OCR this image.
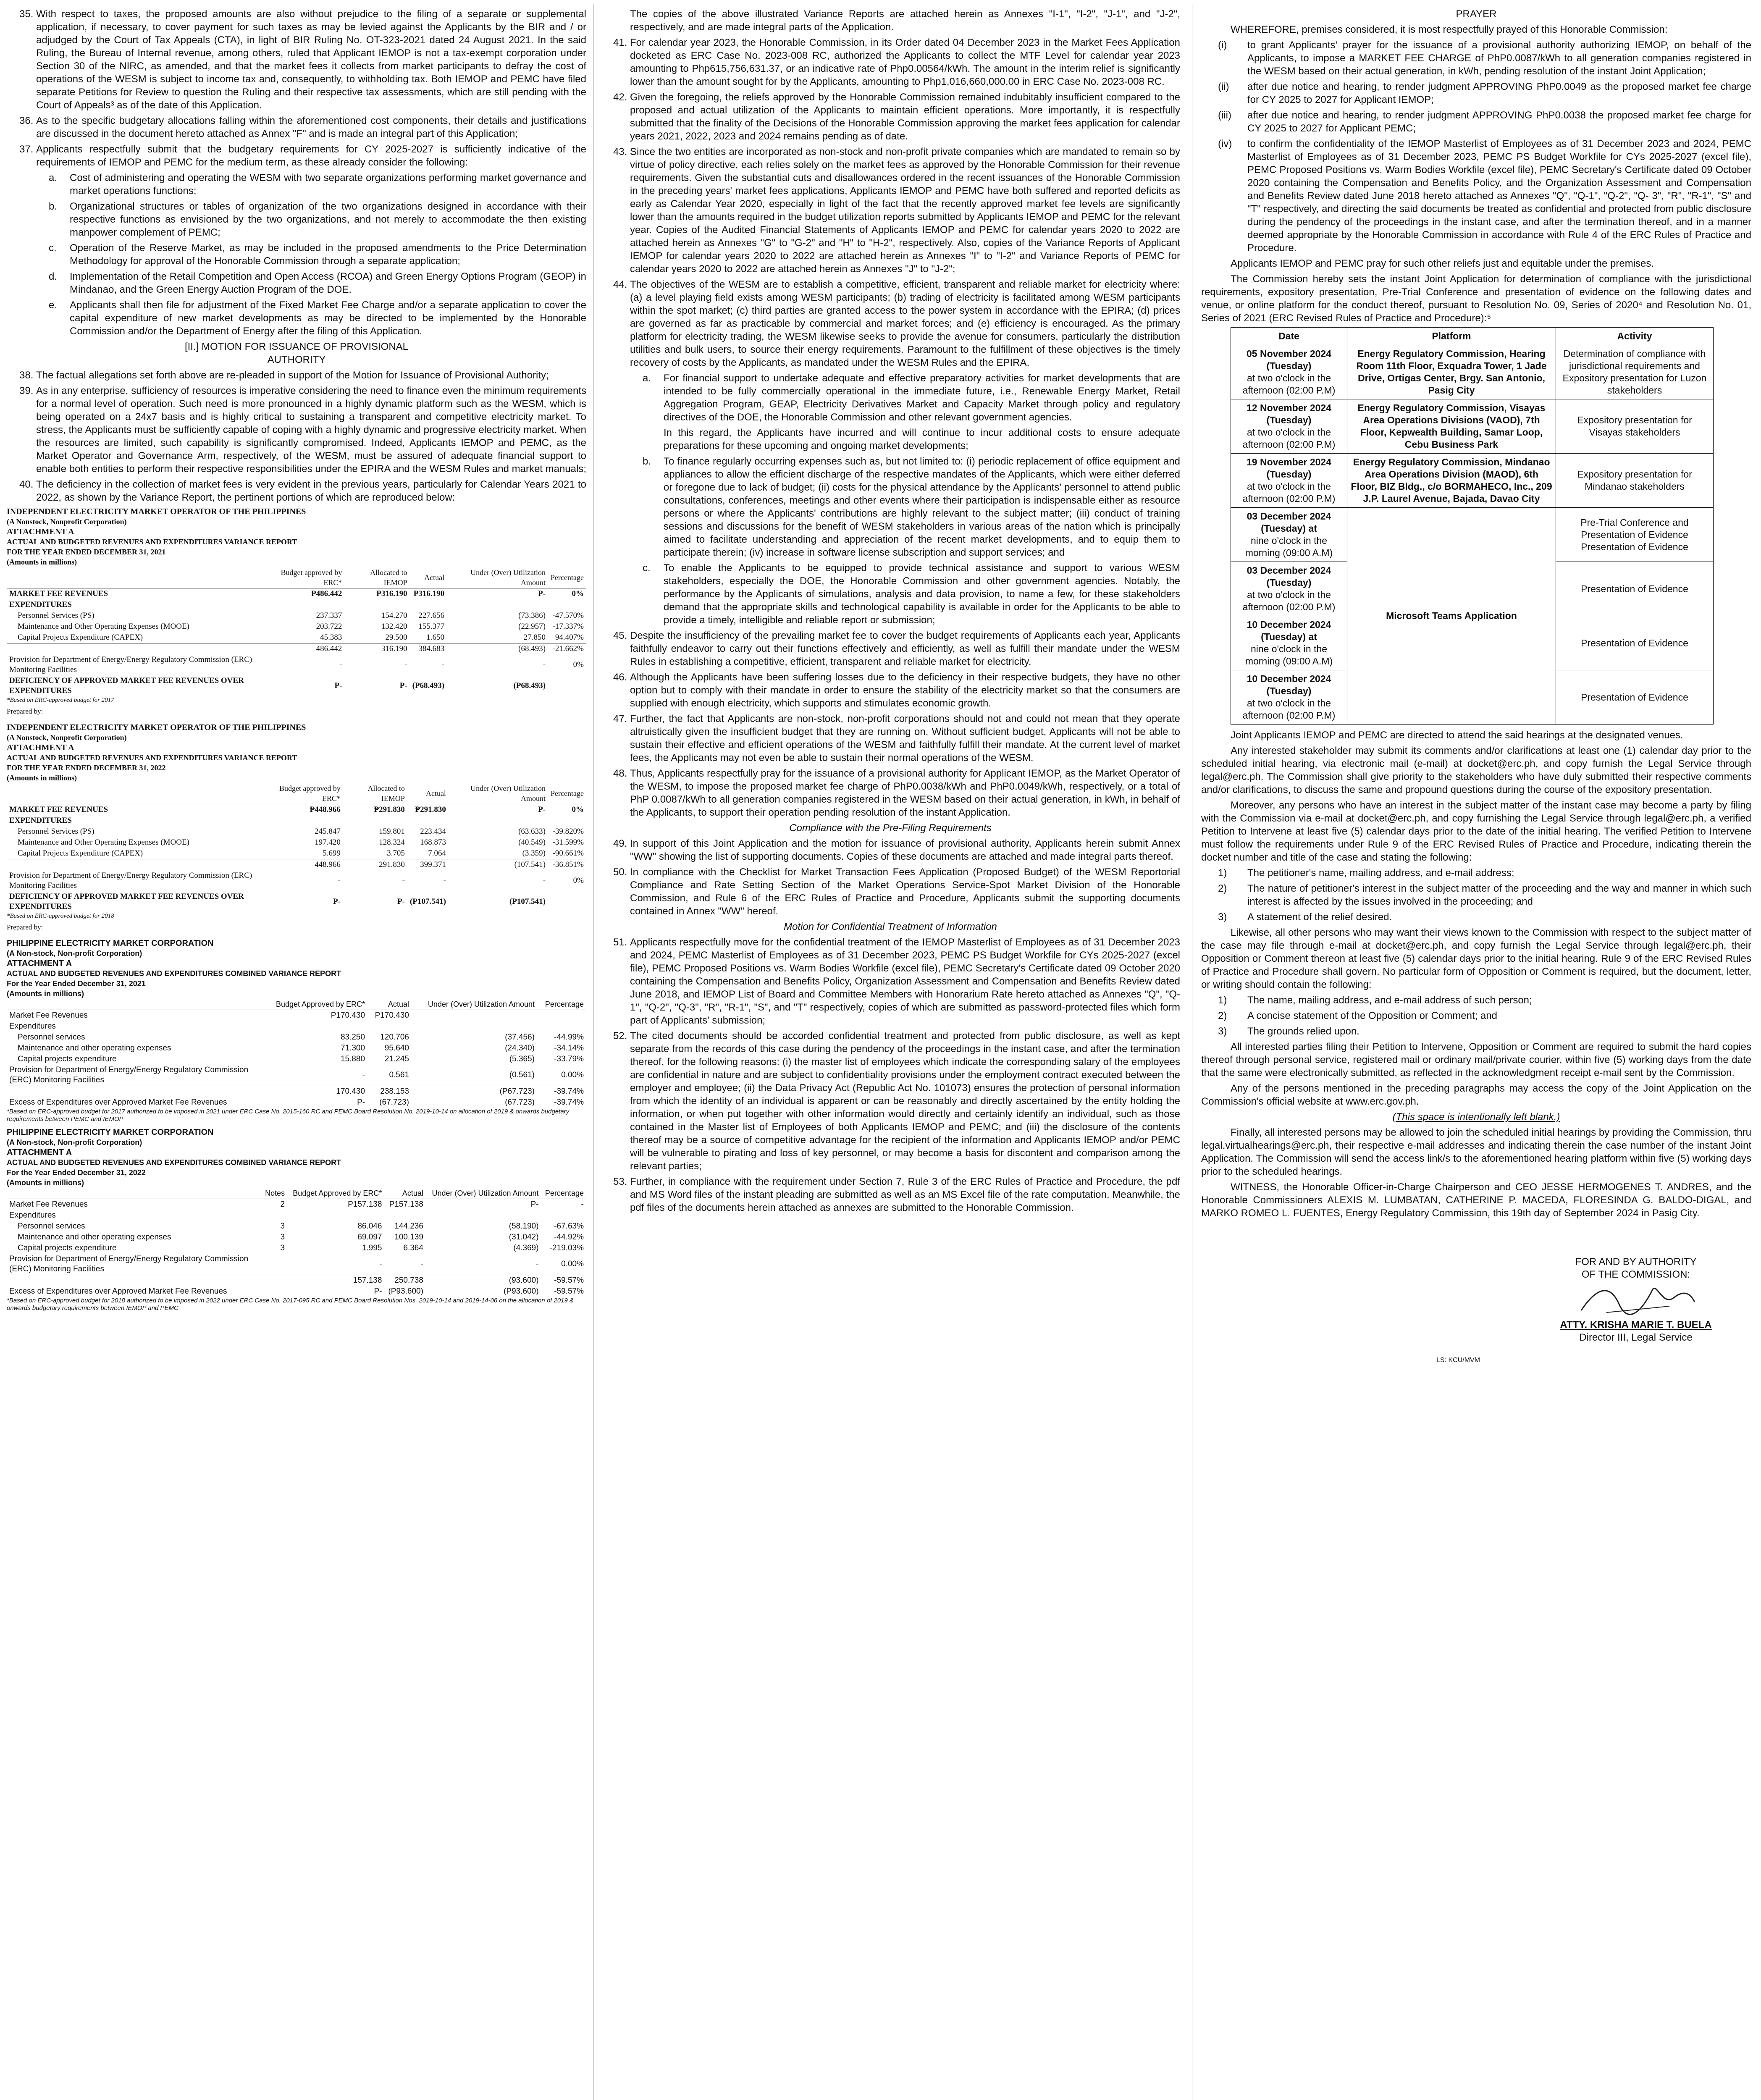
35. With respect to taxes, the proposed amounts are also without prejudice to the filing of a separate or supplemental application, if necessary, to cover payment for such taxes as may be levied against the Applicants by the BIR and / or adjudged by the Court of Tax Appeals (CTA), in light of BIR Ruling No. OT-323-2021 dated 24 August 2021. In the said Ruling, the Bureau of Internal revenue, among others, ruled that Applicant IEMOP is not a tax-exempt corporation under Section 30 of the NIRC, as amended, and that the market fees it collects from market participants to defray the cost of operations of the WESM is subject to income tax and, consequently, to withholding tax. Both IEMOP and PEMC have filed separate Petitions for Review to question the Ruling and their respective tax assessments, which are still pending with the Court of Appeals³ as of the date of this Application.
36. As to the specific budgetary allocations falling within the aforementioned cost components, their details and justifications are discussed in the document hereto attached as Annex "F" and is made an integral part of this Application;
37. Applicants respectfully submit that the budgetary requirements for CY 2025-2027 is sufficiently indicative of the requirements of IEMOP and PEMC for the medium term, as these already consider the following:
a.	Cost of administering and operating the WESM with two separate organizations performing market governance and market operations functions;
b.	Organizational structures or tables of organization of the two organizations designed in accordance with their respective functions as envisioned by the two organizations, and not merely to accommodate the then existing manpower complement of PEMC;
c.	Operation of the Reserve Market, as may be included in the proposed amendments to the Price Determination Methodology for approval of the Honorable Commission through a separate application;
d.	Implementation of the Retail Competition and Open Access (RCOA) and Green Energy Options Program (GEOP) in Mindanao, and the Green Energy Auction Program of the DOE.
e.	Applicants shall then file for adjustment of the Fixed Market Fee Charge and/or a separate application to cover the capital expenditure of new market developments as may be directed to be implemented by the Honorable Commission and/or the Department of Energy after the filing of this Application.
[II.] MOTION FOR ISSUANCE OF PROVISIONAL AUTHORITY
38. The factual allegations set forth above are re-pleaded in support of the Motion for Issuance of Provisional Authority;
39. As in any enterprise, sufficiency of resources is imperative considering the need to finance even the minimum requirements for a normal level of operation. Such need is more pronounced in a highly dynamic platform such as the WESM, which is being operated on a 24x7 basis and is highly critical to sustaining a transparent and competitive electricity market. To stress, the Applicants must be sufficiently capable of coping with a highly dynamic and progressive electricity market. When the resources are limited, such capability is significantly compromised. Indeed, Applicants IEMOP and PEMC, as the Market Operator and Governance Arm, respectively, of the WESM, must be assured of adequate financial support to enable both entities to perform their respective responsibilities under the EPIRA and the WESM Rules and market manuals;
40. The deficiency in the collection of market fees is very evident in the previous years, particularly for Calendar Years 2021 to 2022, as shown by the Variance Report, the pertinent portions of which are reproduced below:
INDEPENDENT ELECTRICITY MARKET OPERATOR OF THE PHILIPPINES
(A Nonstock, Nonprofit Corporation)
ATTACHMENT A
ACTUAL AND BUDGETED REVENUES AND EXPENDITURES VARIANCE REPORT
FOR THE YEAR ENDED DECEMBER 31, 2021
(Amounts in millions)
	Budget approved by ERC*	Allocated to IEMOP	Actual	Under (Over) Utilization Amount	Percentage
MARKET FEE REVENUES	₱486.442	₱316.190	₱316.190	P-	0%
EXPENDITURES					
Personnel Services (PS)	237.337	154.270	227.656	(73.386)	-47.570%
Maintenance and Other Operating Expenses (MOOE)	203.722	132.420	155.377	(22.957)	-17.337%
Capital Projects Expenditure (CAPEX)	45.383	29.500	1.650	27.850	94.407%
	486.442	316.190	384.683	(68.493)	-21.662%
Provision for Department of Energy/Energy Regulatory Commission (ERC) Monitoring Facilities	-	-	-	-	0%
DEFICIENCY OF APPROVED MARKET FEE REVENUES OVER EXPENDITURES	P-	P-	(P68.493)	(P68.493)	
*Based on ERC-approved budget for 2017
Prepared by:
INDEPENDENT ELECTRICITY MARKET OPERATOR OF THE PHILIPPINES
(A Nonstock, Nonprofit Corporation)
ATTACHMENT A
ACTUAL AND BUDGETED REVENUES AND EXPENDITURES VARIANCE REPORT
FOR THE YEAR ENDED DECEMBER 31, 2022
(Amounts in millions)
	Budget approved by ERC*	Allocated to IEMOP	Actual	Under (Over) Utilization Amount	Percentage
MARKET FEE REVENUES	₱448.966	₱291.830	₱291.830	P-	0%
EXPENDITURES					
Personnel Services (PS)	245.847	159.801	223.434	(63.633)	-39.820%
Maintenance and Other Operating Expenses (MOOE)	197.420	128.324	168.873	(40.549)	-31.599%
Capital Projects Expenditure (CAPEX)	5.699	3.705	7.064	(3.359)	-90.661%
	448.966	291.830	399.371	(107.541)	-36.851%
Provision for Department of Energy/Energy Regulatory Commission (ERC) Monitoring Facilities	-	-	-	-	0%
DEFICIENCY OF APPROVED MARKET FEE REVENUES OVER EXPENDITURES	P-	P-	(P107.541)	(P107.541)	
*Based on ERC-approved budget for 2018
Prepared by:
PHILIPPINE ELECTRICITY MARKET CORPORATION
(A Non-stock, Non-profit Corporation)
ATTACHMENT A
ACTUAL AND BUDGETED REVENUES AND EXPENDITURES COMBINED VARIANCE REPORT
For the Year Ended December 31, 2021
(Amounts in millions)
	Budget Approved by ERC*	Actual	Under (Over) Utilization Amount	Percentage
Market Fee Revenues	P170.430	P170.430		
Expenditures				
Personnel services	83.250	120.706	(37.456)	-44.99%
Maintenance and other operating expenses	71.300	95.640	(24.340)	-34.14%
Capital projects expenditure	15.880	21.245	(5.365)	-33.79%
Provision for Department of Energy/Energy Regulatory Commission (ERC) Monitoring Facilities	-	0.561	(0.561)	0.00%
	170.430	238.153	(P67.723)	-39.74%
Excess of Expenditures over Approved Market Fee Revenues	P-	(67.723)	(67.723)	-39.74%
*Based on ERC-approved budget for 2017 authorized to be imposed in 2021 under ERC Case No. 2015-160 RC and PEMC Board Resolution No. 2019-10-14 on allocation of 2019 & onwards budgetary requirements between PEMC and IEMOP
PHILIPPINE ELECTRICITY MARKET CORPORATION
(A Non-stock, Non-profit Corporation)
ATTACHMENT A
ACTUAL AND BUDGETED REVENUES AND EXPENDITURES COMBINED VARIANCE REPORT
For the Year Ended December 31, 2022
(Amounts in millions)
	Notes	Budget Approved by ERC*	Actual	Under (Over) Utilization Amount	Percentage
Market Fee Revenues	2	P157.138	P157.138	P-	-
Expenditures					
Personnel services	3	86.046	144.236	(58.190)	-67.63%
Maintenance and other operating expenses	3	69.097	100.139	(31.042)	-44.92%
Capital projects expenditure	3	1.995	6.364	(4.369)	-219.03%
Provision for Department of Energy/Energy Regulatory Commission (ERC) Monitoring Facilities		-	-	-	0.00%
		157.138	250.738	(93.600)	-59.57%
Excess of Expenditures over Approved Market Fee Revenues		P-	(P93.600)	(P93.600)	-59.57%
*Based on ERC-approved budget for 2018 authorized to be imposed in 2022 under ERC Case No. 2017-095 RC and PEMC Board Resolution Nos. 2019-10-14 and 2019-14-06 on the allocation of 2019 & onwards budgetary requirements between IEMOP and PEMC
The copies of the above illustrated Variance Reports are attached herein as Annexes "I-1", "I-2", "J-1", and "J-2", respectively, and are made integral parts of the Application.
41. For calendar year 2023, the Honorable Commission, in its Order dated 04 December 2023 in the Market Fees Application docketed as ERC Case No. 2023-008 RC, authorized the Applicants to collect the MTF Level for calendar year 2023 amounting to Php615,756,631.37, or an indicative rate of Php0.00564/kWh. The amount in the interim relief is significantly lower than the amount sought for by the Applicants, amounting to Php1,016,660,000.00 in ERC Case No. 2023-008 RC.
42. Given the foregoing, the reliefs approved by the Honorable Commission remained indubitably insufficient compared to the proposed and actual utilization of the Applicants to maintain efficient operations. More importantly, it is respectfully submitted that the finality of the Decisions of the Honorable Commission approving the market fees application for calendar years 2021, 2022, 2023 and 2024 remains pending as of date.
43. Since the two entities are incorporated as non-stock and non-profit private companies which are mandated to remain so by virtue of policy directive, each relies solely on the market fees as approved by the Honorable Commission for their revenue requirements. Given the substantial cuts and disallowances ordered in the recent issuances of the Honorable Commission in the preceding years' market fees applications, Applicants IEMOP and PEMC have both suffered and reported deficits as early as Calendar Year 2020, especially in light of the fact that the recently approved market fee levels are significantly lower than the amounts required in the budget utilization reports submitted by Applicants IEMOP and PEMC for the relevant year. Copies of the Audited Financial Statements of Applicants IEMOP and PEMC for calendar years 2020 to 2022 are attached herein as Annexes "G" to "G-2" and "H" to "H-2", respectively. Also, copies of the Variance Reports of Applicant IEMOP for calendar years 2020 to 2022 are attached herein as Annexes "I" to "I-2" and Variance Reports of PEMC for calendar years 2020 to 2022 are attached herein as Annexes "J" to "J-2";
44. The objectives of the WESM are to establish a competitive, efficient, transparent and reliable market for electricity where: (a) a level playing field exists among WESM participants; (b) trading of electricity is facilitated among WESM participants within the spot market; (c) third parties are granted access to the power system in accordance with the EPIRA; (d) prices are governed as far as practicable by commercial and market forces; and (e) efficiency is encouraged. As the primary platform for electricity trading, the WESM likewise seeks to provide the avenue for consumers, particularly the distribution utilities and bulk users, to source their energy requirements. Paramount to the fulfillment of these objectives is the timely recovery of costs by the Applicants, as mandated under the WESM Rules and the EPIRA.
a.	For financial support to undertake adequate and effective preparatory activities for market developments that are intended to be fully commercially operational in the immediate future, i.e., Renewable Energy Market, Retail Aggregation Program, GEAP, Electricity Derivatives Market and Capacity Market through policy and regulatory directives of the DOE, the Honorable Commission and other relevant government agencies.
In this regard, the Applicants have incurred and will continue to incur additional costs to ensure adequate preparations for these upcoming and ongoing market developments;
b.	To finance regularly occurring expenses such as, but not limited to: (i) periodic replacement of office equipment and appliances to allow the efficient discharge of the respective mandates of the Applicants, which were either deferred or foregone due to lack of budget; (ii) costs for the physical attendance by the Applicants' personnel to attend public consultations, conferences, meetings and other events where their participation is indispensable either as resource persons or where the Applicants' contributions are highly relevant to the subject matter; (iii) conduct of training sessions and discussions for the benefit of WESM stakeholders in various areas of the nation which is principally aimed to facilitate understanding and appreciation of the recent market developments, and to equip them to participate therein; (iv) increase in software license subscription and support services; and
c.	To enable the Applicants to be equipped to provide technical assistance and support to various WESM stakeholders, especially the DOE, the Honorable Commission and other government agencies. Notably, the performance by the Applicants of simulations, analysis and data provision, to name a few, for these stakeholders demand that the appropriate skills and technological capability is available in order for the Applicants to be able to provide a timely, intelligible and reliable report or submission;
45. Despite the insufficiency of the prevailing market fee to cover the budget requirements of Applicants each year, Applicants faithfully endeavor to carry out their functions effectively and efficiently, as well as fulfill their mandate under the WESM Rules in establishing a competitive, efficient, transparent and reliable market for electricity.
46. Although the Applicants have been suffering losses due to the deficiency in their respective budgets, they have no other option but to comply with their mandate in order to ensure the stability of the electricity market so that the consumers are supplied with enough electricity, which supports and stimulates economic growth.
47. Further, the fact that Applicants are non-stock, non-profit corporations should not and could not mean that they operate altruistically given the insufficient budget that they are running on. Without sufficient budget, Applicants will not be able to sustain their effective and efficient operations of the WESM and faithfully fulfill their mandate. At the current level of market fees, the Applicants may not even be able to sustain their normal operations of the WESM.
48. Thus, Applicants respectfully pray for the issuance of a provisional authority for Applicant IEMOP, as the Market Operator of the WESM, to impose the proposed market fee charge of PhP0.0038/kWh and PhP0.0049/kWh, respectively, or a total of PhP 0.0087/kWh to all generation companies registered in the WESM based on their actual generation, in kWh, in behalf of the Applicants, to support their operation pending resolution of the instant Application.
Compliance with the Pre-Filing Requirements
49. In support of this Joint Application and the motion for issuance of provisional authority, Applicants herein submit Annex "WW" showing the list of supporting documents. Copies of these documents are attached and made integral parts thereof.
50. In compliance with the Checklist for Market Transaction Fees Application (Proposed Budget) of the WESM Reportorial Compliance and Rate Setting Section of the Market Operations Service-Spot Market Division of the Honorable Commission, and Rule 6 of the ERC Rules of Practice and Procedure, Applicants submit the supporting documents contained in Annex "WW" hereof.
Motion for Confidential Treatment of Information
51. Applicants respectfully move for the confidential treatment of the IEMOP Masterlist of Employees as of 31 December 2023 and 2024, PEMC Masterlist of Employees as of 31 December 2023, PEMC PS Budget Workfile for CYs 2025-2027 (excel file), PEMC Proposed Positions vs. Warm Bodies Workfile (excel file), PEMC Secretary's Certificate dated 09 October 2020 containing the Compensation and Benefits Policy, Organization Assessment and Compensation and Benefits Review dated June 2018, and IEMOP List of Board and Committee Members with Honorarium Rate hereto attached as Annexes "Q", "Q-1", "Q-2", "Q-3", "R", "R-1", "S", and "T" respectively, copies of which are submitted as password-protected files which form part of Applicants' submission;
52. The cited documents should be accorded confidential treatment and protected from public disclosure, as well as kept separate from the records of this case during the pendency of the proceedings in the instant case, and after the termination thereof, for the following reasons: (i) the master list of employees which indicate the corresponding salary of the employees are confidential in nature and are subject to confidentiality provisions under the employment contract executed between the employer and employee; (ii) the Data Privacy Act (Republic Act No. 101073) ensures the protection of personal information from which the identity of an individual is apparent or can be reasonably and directly ascertained by the entity holding the information, or when put together with other information would directly and certainly identify an individual, such as those contained in the Master list of Employees of both Applicants IEMOP and PEMC; and (iii) the disclosure of the contents thereof may be a source of competitive advantage for the recipient of the information and Applicants IEMOP and/or PEMC will be vulnerable to pirating and loss of key personnel, or may become a basis for discontent and comparison among the relevant parties;
53. Further, in compliance with the requirement under Section 7, Rule 3 of the ERC Rules of Practice and Procedure, the pdf and MS Word files of the instant pleading are submitted as well as an MS Excel file of the rate computation. Meanwhile, the pdf files of the documents herein attached as annexes are submitted to the Honorable Commission.
PRAYER
WHEREFORE, premises considered, it is most respectfully prayed of this Honorable Commission:
(i)	to grant Applicants' prayer for the issuance of a provisional authority authorizing IEMOP, on behalf of the Applicants, to impose a MARKET FEE CHARGE of PhP0.0087/kWh to all generation companies registered in the WESM based on their actual generation, in kWh, pending resolution of the instant Joint Application;
(ii)	after due notice and hearing, to render judgment APPROVING PhP0.0049 as the proposed market fee charge for CY 2025 to 2027 for Applicant IEMOP;
(iii)	after due notice and hearing, to render judgment APPROVING PhP0.0038 the proposed market fee charge for CY 2025 to 2027 for Applicant PEMC;
(iv)	to confirm the confidentiality of the IEMOP Masterlist of Employees as of 31 December 2023 and 2024, PEMC Masterlist of Employees as of 31 December 2023, PEMC PS Budget Workfile for CYs 2025-2027 (excel file), PEMC Proposed Positions vs. Warm Bodies Workfile (excel file), PEMC Secretary's Certificate dated 09 October 2020 containing the Compensation and Benefits Policy, and the Organization Assessment and Compensation and Benefits Review dated June 2018 hereto attached as Annexes "Q", "Q-1", "Q-2", "Q- 3", "R", "R-1", "S" and "T" respectively, and directing the said documents be treated as confidential and protected from public disclosure during the pendency of the proceedings in the instant case, and after the termination thereof, and in a manner deemed appropriate by the Honorable Commission in accordance with Rule 4 of the ERC Rules of Practice and Procedure.
Applicants IEMOP and PEMC pray for such other reliefs just and equitable under the premises.
The Commission hereby sets the instant Joint Application for determination of compliance with the jurisdictional requirements, expository presentation, Pre-Trial Conference and presentation of evidence on the following dates and venue, or online platform for the conduct thereof, pursuant to Resolution No. 09, Series of 2020⁴ and Resolution No. 01, Series of 2021 (ERC Revised Rules of Practice and Procedure):⁵
Date	Platform	Activity
05 November 2024 (Tuesday)
at two o'clock in the afternoon (02:00 P.M)	Energy Regulatory Commission, Hearing Room 11th Floor, Exquadra Tower, 1 Jade Drive, Ortigas Center, Brgy. San Antonio, Pasig City	Determination of compliance with jurisdictional requirements and Expository presentation for Luzon stakeholders
12 November 2024 (Tuesday)
at two o'clock in the afternoon (02:00 P.M)	Energy Regulatory Commission, Visayas Area Operations Divisions (VAOD), 7th Floor, Kepwealth Building, Samar Loop, Cebu Business Park	Expository presentation for Visayas stakeholders
19 November 2024 (Tuesday)
at two o'clock in the afternoon (02:00 P.M)	Energy Regulatory Commission, Mindanao Area Operations Division (MAOD), 6th Floor, BIZ Bldg., c/o BORMAHECO, Inc., 209 J.P. Laurel Avenue, Bajada, Davao City	Expository presentation for Mindanao stakeholders
03 December 2024 (Tuesday) at
nine o'clock in the morning (09:00 A.M)	Microsoft Teams Application	Pre-Trial Conference and Presentation of Evidence Presentation of Evidence
03 December 2024 (Tuesday)
at two o'clock in the afternoon (02:00 P.M)		Presentation of Evidence
10 December 2024 (Tuesday) at
nine o'clock in the morning (09:00 A.M)		Presentation of Evidence
10 December 2024 (Tuesday)
at two o'clock in the afternoon (02:00 P.M)		Presentation of Evidence
Joint Applicants IEMOP and PEMC are directed to attend the said hearings at the designated venues.
Any interested stakeholder may submit its comments and/or clarifications at least one (1) calendar day prior to the scheduled initial hearing, via electronic mail (e-mail) at docket@erc.ph, and copy furnish the Legal Service through legal@erc.ph. The Commission shall give priority to the stakeholders who have duly submitted their respective comments and/or clarifications, to discuss the same and propound questions during the course of the expository presentation.
Moreover, any persons who have an interest in the subject matter of the instant case may become a party by filing with the Commission via e-mail at docket@erc.ph, and copy furnishing the Legal Service through legal@erc.ph, a verified Petition to Intervene at least five (5) calendar days prior to the date of the initial hearing. The verified Petition to Intervene must follow the requirements under Rule 9 of the ERC Revised Rules of Practice and Procedure, indicating therein the docket number and title of the case and stating the following:
1)	The petitioner's name, mailing address, and e-mail address;
2)	The nature of petitioner's interest in the subject matter of the proceeding and the way and manner in which such interest is affected by the issues involved in the proceeding; and
3)	A statement of the relief desired.
Likewise, all other persons who may want their views known to the Commission with respect to the subject matter of the case may file through e-mail at docket@erc.ph, and copy furnish the Legal Service through legal@erc.ph, their Opposition or Comment thereon at least five (5) calendar days prior to the initial hearing. Rule 9 of the ERC Revised Rules of Practice and Procedure shall govern. No particular form of Opposition or Comment is required, but the document, letter, or writing should contain the following:
1)	The name, mailing address, and e-mail address of such person;
2)	A concise statement of the Opposition or Comment; and
3)	The grounds relied upon.
All interested parties filing their Petition to Intervene, Opposition or Comment are required to submit the hard copies thereof through personal service, registered mail or ordinary mail/private courier, within five (5) working days from the date that the same were electronically submitted, as reflected in the acknowledgment receipt e-mail sent by the Commission.
Any of the persons mentioned in the preceding paragraphs may access the copy of the Joint Application on the Commission's official website at www.erc.gov.ph.
(This space is intentionally left blank.)
Finally, all interested persons may be allowed to join the scheduled initial hearings by providing the Commission, thru legal.virtualhearings@erc.ph, their respective e-mail addresses and indicating therein the case number of the instant Joint Application. The Commission will send the access link/s to the aforementioned hearing platform within five (5) working days prior to the scheduled hearings.
WITNESS, the Honorable Officer-in-Charge Chairperson and CEO JESSE HERMOGENES T. ANDRES, and the Honorable Commissioners ALEXIS M. LUMBATAN, CATHERINE P. MACEDA, FLORESINDA G. BALDO-DIGAL, and MARKO ROMEO L. FUENTES, Energy Regulatory Commission, this 19th day of September 2024 in Pasig City.
FOR AND BY AUTHORITY
OF THE COMMISSION:
ATTY. KRISHA MARIE T. BUELA
Director III, Legal Service
LS: KCU/MVM
